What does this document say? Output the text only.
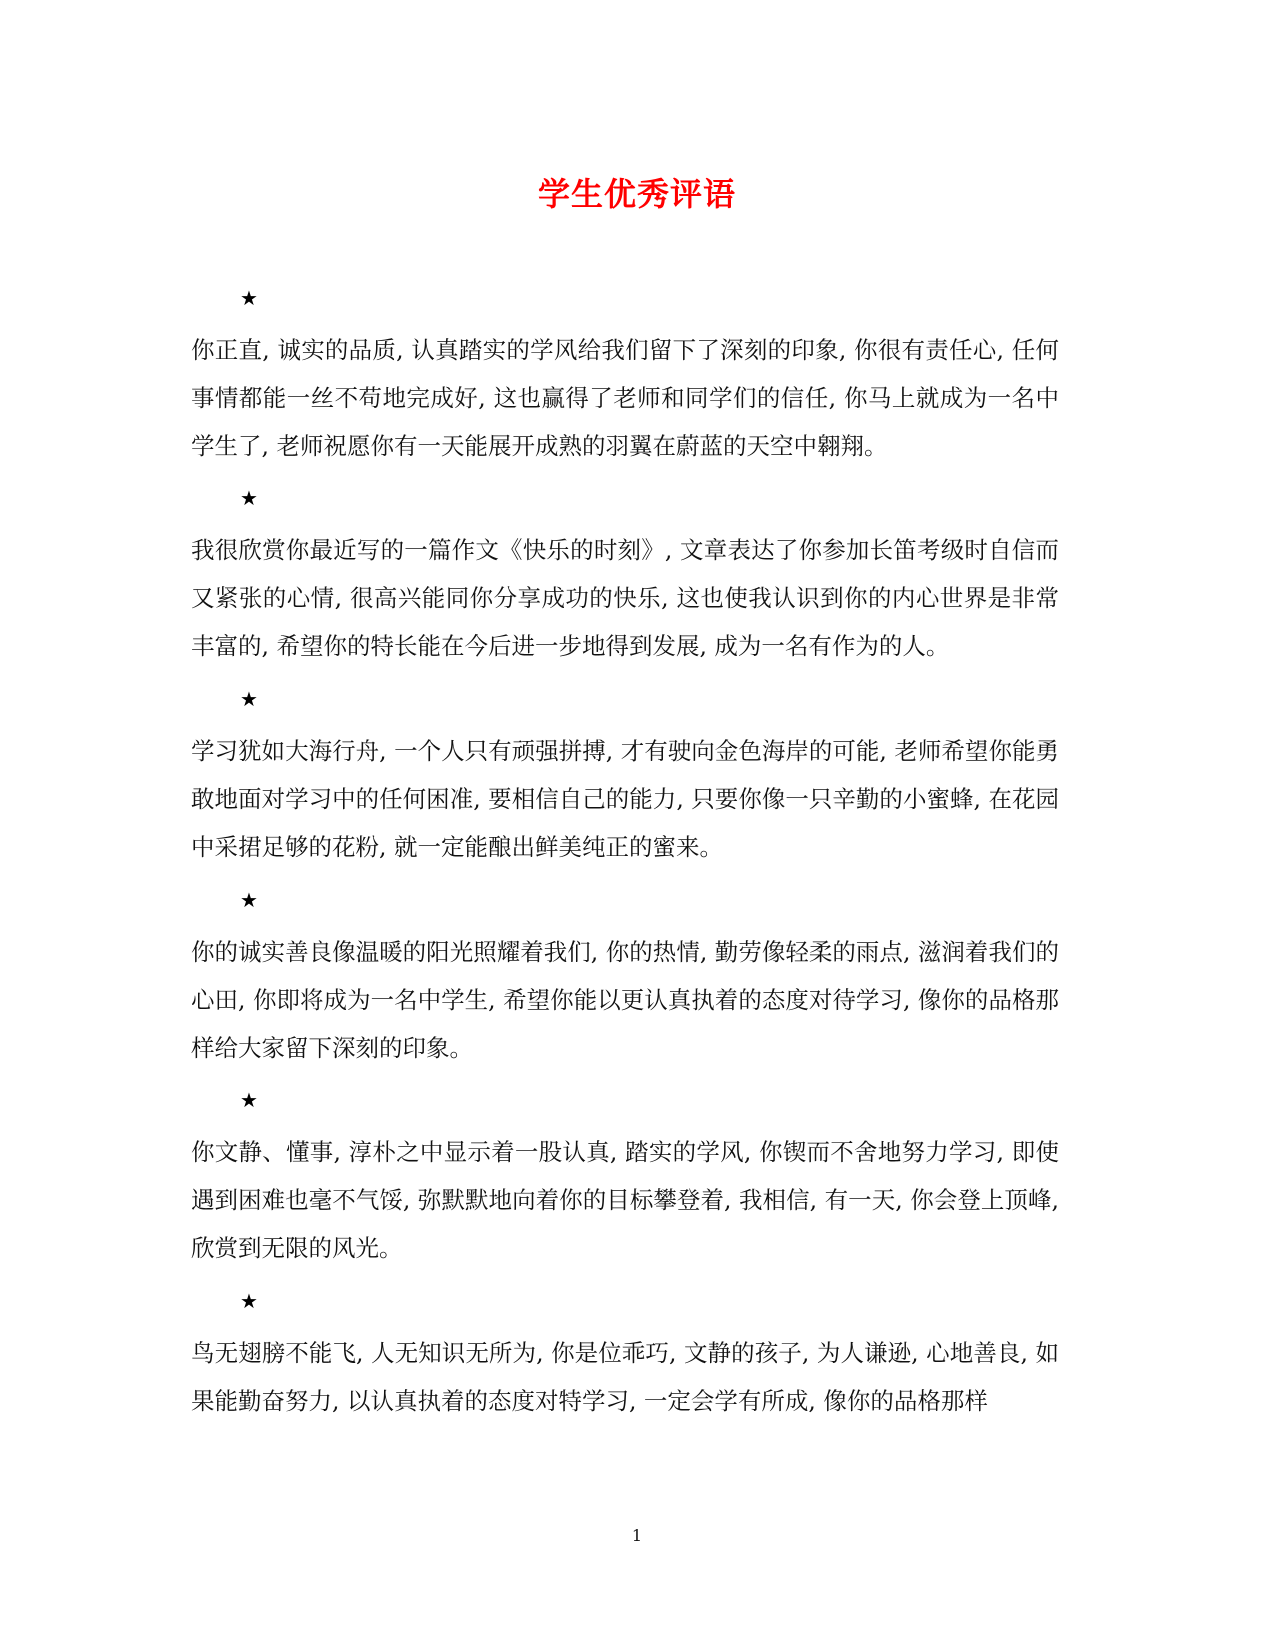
学生优秀评语
★
你正直, 诚实的品质, 认真踏实的学风给我们留下了深刻的印象, 你很有责任心, 任何事情都能一丝不苟地完成好, 这也赢得了老师和同学们的信任, 你马上就成为一名中学生了, 老师祝愿你有一天能展开成熟的羽翼在蔚蓝的天空中翱翔。
★
我很欣赏你最近写的一篇作文《快乐的时刻》, 文章表达了你参加长笛考级时自信而又紧张的心情, 很高兴能同你分享成功的快乐, 这也使我认识到你的内心世界是非常丰富的, 希望你的特长能在今后进一步地得到发展, 成为一名有作为的人。
★
学习犹如大海行舟, 一个人只有顽强拼搏, 才有驶向金色海岸的可能, 老师希望你能勇敢地面对学习中的任何困准, 要相信自己的能力, 只要你像一只辛勤的小蜜蜂, 在花园中采捃足够的花粉, 就一定能酿出鲜美纯正的蜜来。
★
你的诚实善良像温暖的阳光照耀着我们, 你的热情, 勤劳像轻柔的雨点, 滋润着我们的心田, 你即将成为一名中学生, 希望你能以更认真执着的态度对待学习, 像你的品格那样给大家留下深刻的印象。
★
你文静、懂事, 淳朴之中显示着一股认真, 踏实的学风, 你锲而不舍地努力学习, 即使遇到困难也毫不气馁, 弥默默地向着你的目标攀登着, 我相信, 有一天, 你会登上顶峰, 欣赏到无限的风光。
★
鸟无翅膀不能飞, 人无知识无所为, 你是位乖巧, 文静的孩子, 为人谦逊, 心地善良, 如果能勤奋努力, 以认真执着的态度对特学习, 一定会学有所成, 像你的品格那样
1
